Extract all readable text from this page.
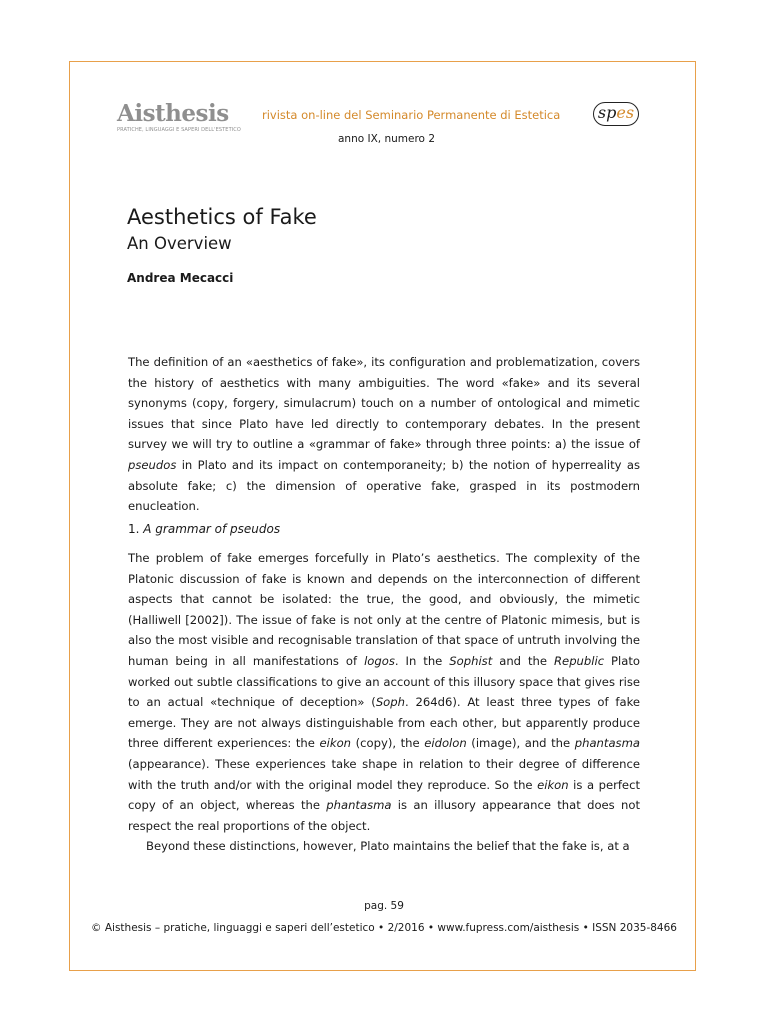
Aisthesis
PRATICHE, LINGUAGGI E SAPERI DELL'ESTETICO
rivista on-line del Seminario Permanente di Estetica
anno IX, numero 2
spes
Aesthetics of Fake
An Overview
Andrea Mecacci

The definition of an «aesthetics of fake», its configuration and problematization, covers the history of aesthetics with many ambiguities. The word «fake» and its several synonyms (copy, forgery, simulacrum) touch on a number of ontological and mimetic issues that since Plato have led directly to contemporary debates. In the present survey we will try to outline a «grammar of fake» through three points: a) the issue of pseudos in Plato and its impact on contemporaneity; b) the notion of hyperreality as absolute fake; c) the dimension of operative fake, grasped in its postmodern enucleation.

1. A grammar of pseudos

The problem of fake emerges forcefully in Plato’s aesthetics. The complexity of the Platonic discussion of fake is known and depends on the interconnection of different aspects that cannot be isolated: the true, the good, and obviously, the mimetic (Halliwell [2002]). The issue of fake is not only at the centre of Platonic mimesis, but is also the most visible and recognisable translation of that space of untruth involving the human being in all manifestations of logos. In the Sophist and the Republic Plato worked out subtle classifications to give an account of this illusory space that gives rise to an actual «technique of deception» (Soph. 264d6). At least three types of fake emerge. They are not always distinguishable from each other, but apparently produce three different experiences: the eikon (copy), the eidolon (image), and the phantasma (appearance). These experiences take shape in relation to their degree of difference with the truth and/or with the original model they reproduce. So the eikon is a perfect copy of an object, whereas the phantasma is an illusory appearance that does not respect the real proportions of the object.

Beyond these distinctions, however, Plato maintains the belief that the fake is, at a

pag. 59
© Aisthesis – pratiche, linguaggi e saperi dell’estetico • 2/2016 • www.fupress.com/aisthesis • ISSN 2035-8466
